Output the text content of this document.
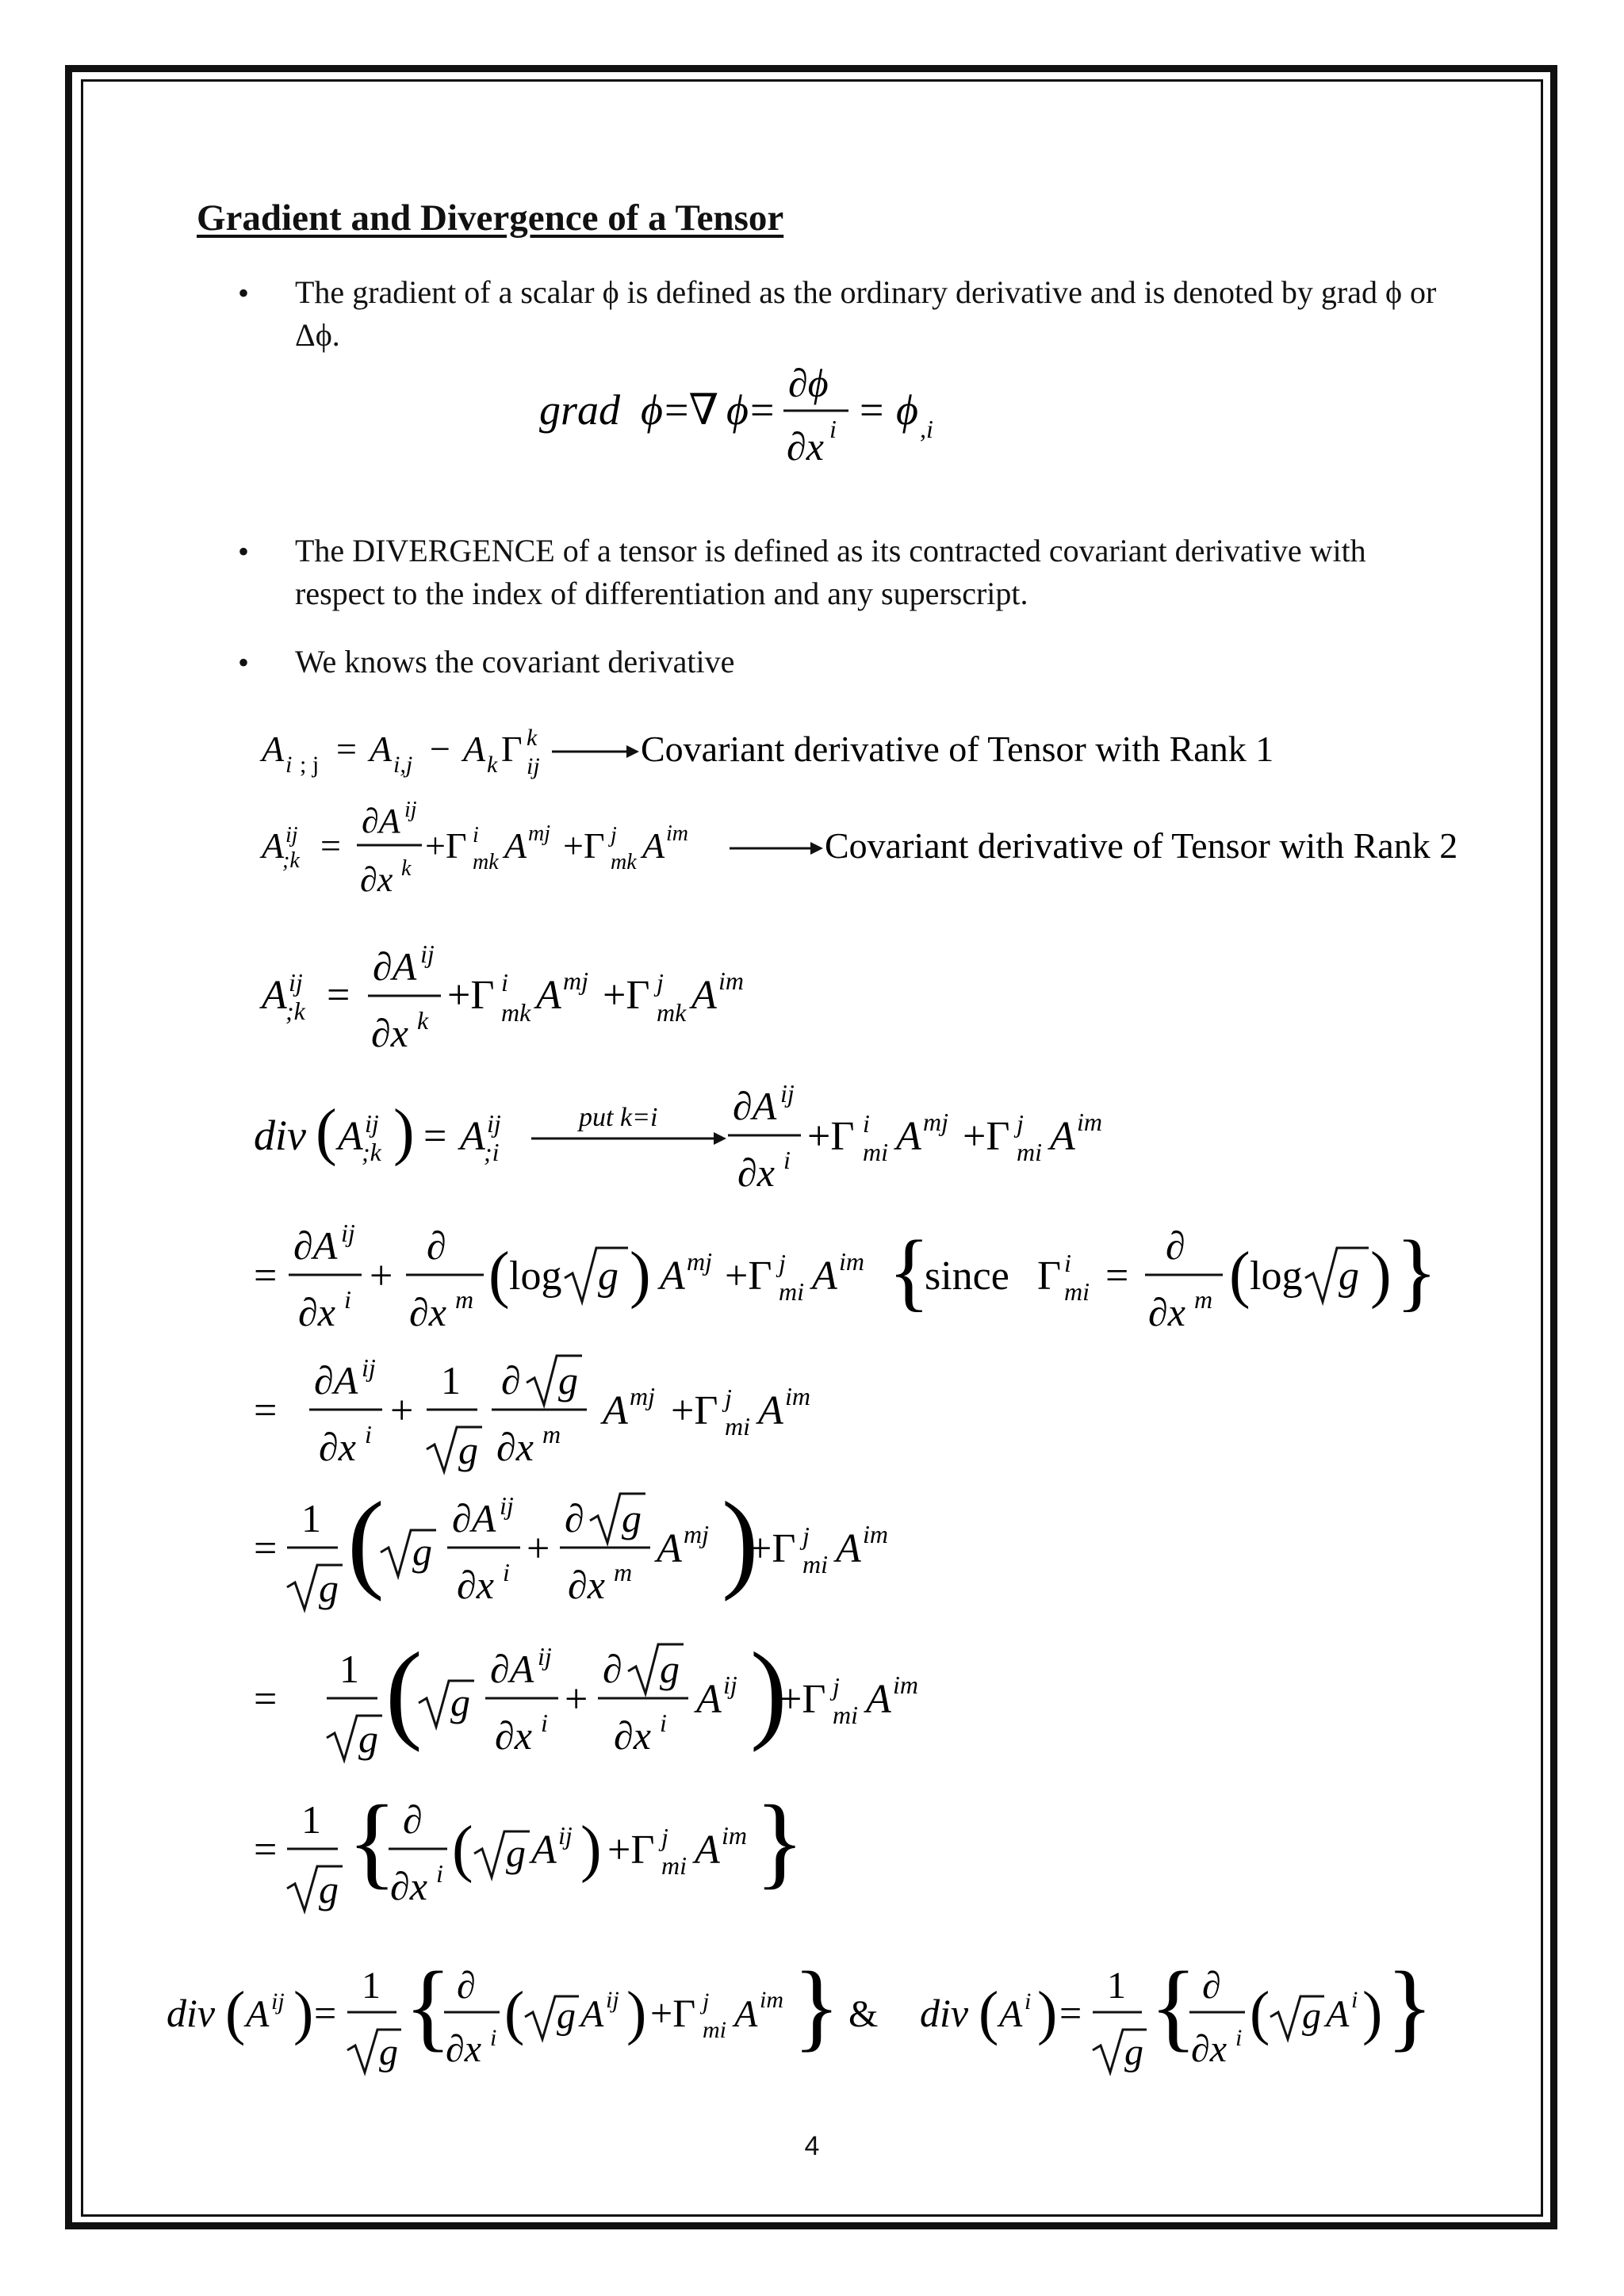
Gradient and Divergence of a Tensor
• The gradient of a scalar ϕ is defined as the ordinary derivative and is denoted by grad ϕ or Δϕ.
grad ϕ =∇ ϕ =
∂ϕ
∂x i = ϕ ,i
• The DIVERGENCE of a tensor is defined as its contracted covariant derivative with respect to the index of differentiation and any superscript.
• We knows the covariant derivative
A i ; j = A i,j − A k Γ k
ij	Covariant derivative of Tensor with Rank 1
A ij
;k =
∂A ij
∂x k
+Γ i
mk A mj +Γ j
mk A im	Covariant derivative of Tensor with Rank 2
A ij
;k =
∂A ij
∂x k
+Γ i
mk A mj +Γ j
mk A im
div ( A ij
;k ) = A ij
;i
put k=i ∂A ij
∂x i
+Γ i
mi A mj +Γ j
mi A im
=
∂A ij
∂x i
+
∂
∂x m ( log g ) A mj +Γ j
mi A im {
since Γ i
mi =
∂
∂x m ( log g ) }
=
∂A ij
∂x i
+
1
g
∂ g
∂x m
A mj +Γ j
mi A im
=
1
g ( g
∂A ij
∂x i
+
∂ g
∂x m
A mj )
+Γ j
mi A im
=
1
g ( g
∂A ij
∂x i
+
∂ g
∂x i
A ij )
+Γ j
mi A im
=
1
g { ∂
∂x i ( g A ij ) +Γ j
mi A im }
div ( A ij ) =
1
g { ∂
∂x i ( g A ij ) +Γ j
mi A im } & div ( A i ) =
1
g { ∂
∂x i ( g A i ) }
4
